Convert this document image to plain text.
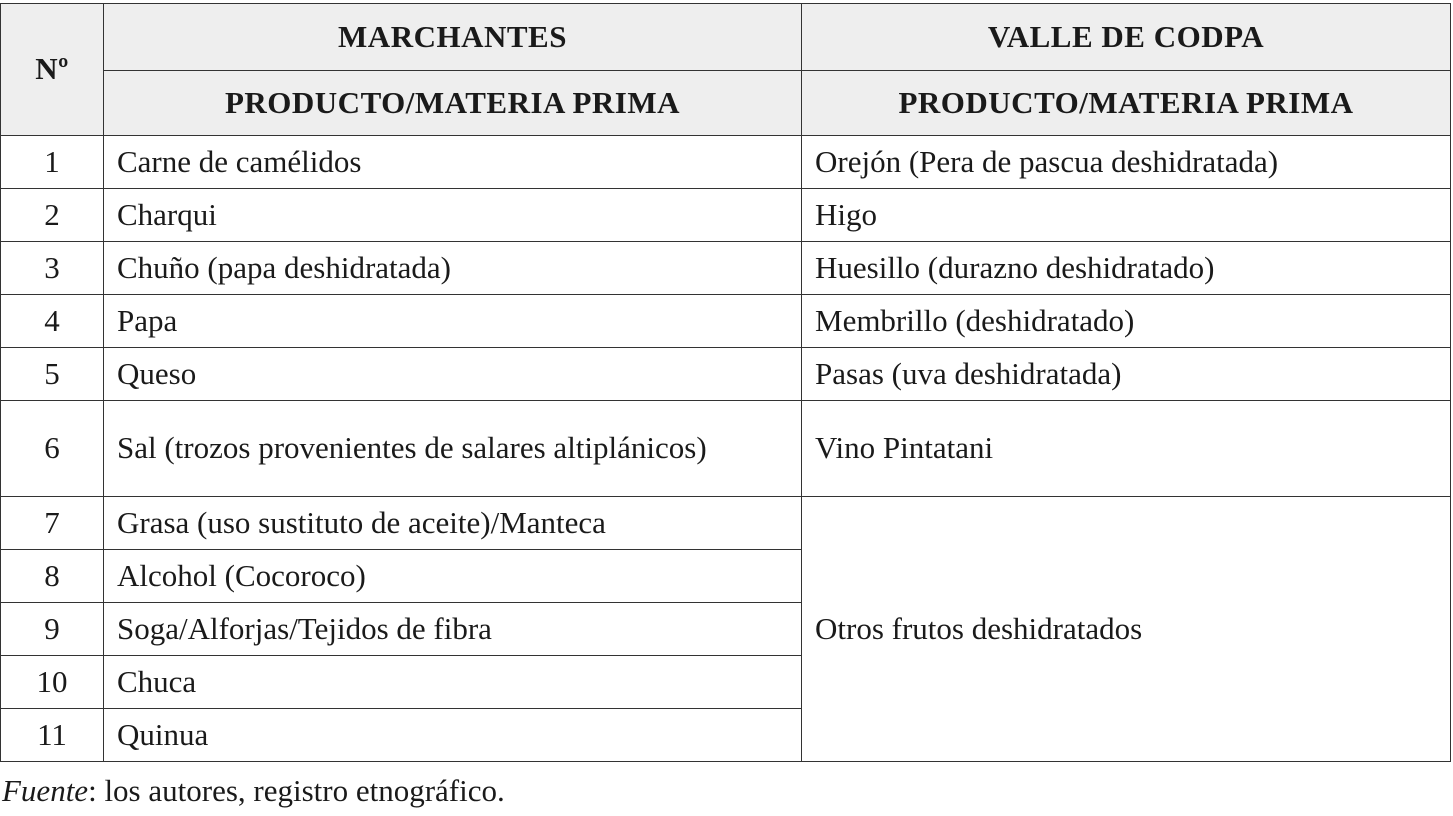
Nº	MARCHANTES	VALLE DE CODPA
	PRODUCTO/MATERIA PRIMA	PRODUCTO/MATERIA PRIMA
1	Carne de camélidos	Orejón (Pera de pascua deshidratada)
2	Charqui	Higo
3	Chuño (papa deshidratada)	Huesillo (durazno deshidratado)
4	Papa	Membrillo (deshidratado)
5	Queso	Pasas (uva deshidratada)
6	Sal (trozos provenientes de salares altiplánicos)	Vino Pintatani
7	Grasa (uso sustituto de aceite)/Manteca	Otros frutos deshidratados
8	Alcohol (Cocoroco)	
9	Soga/Alforjas/Tejidos de fibra	
10	Chuca	
11	Quinua	
Fuente: los autores, registro etnográfico.
